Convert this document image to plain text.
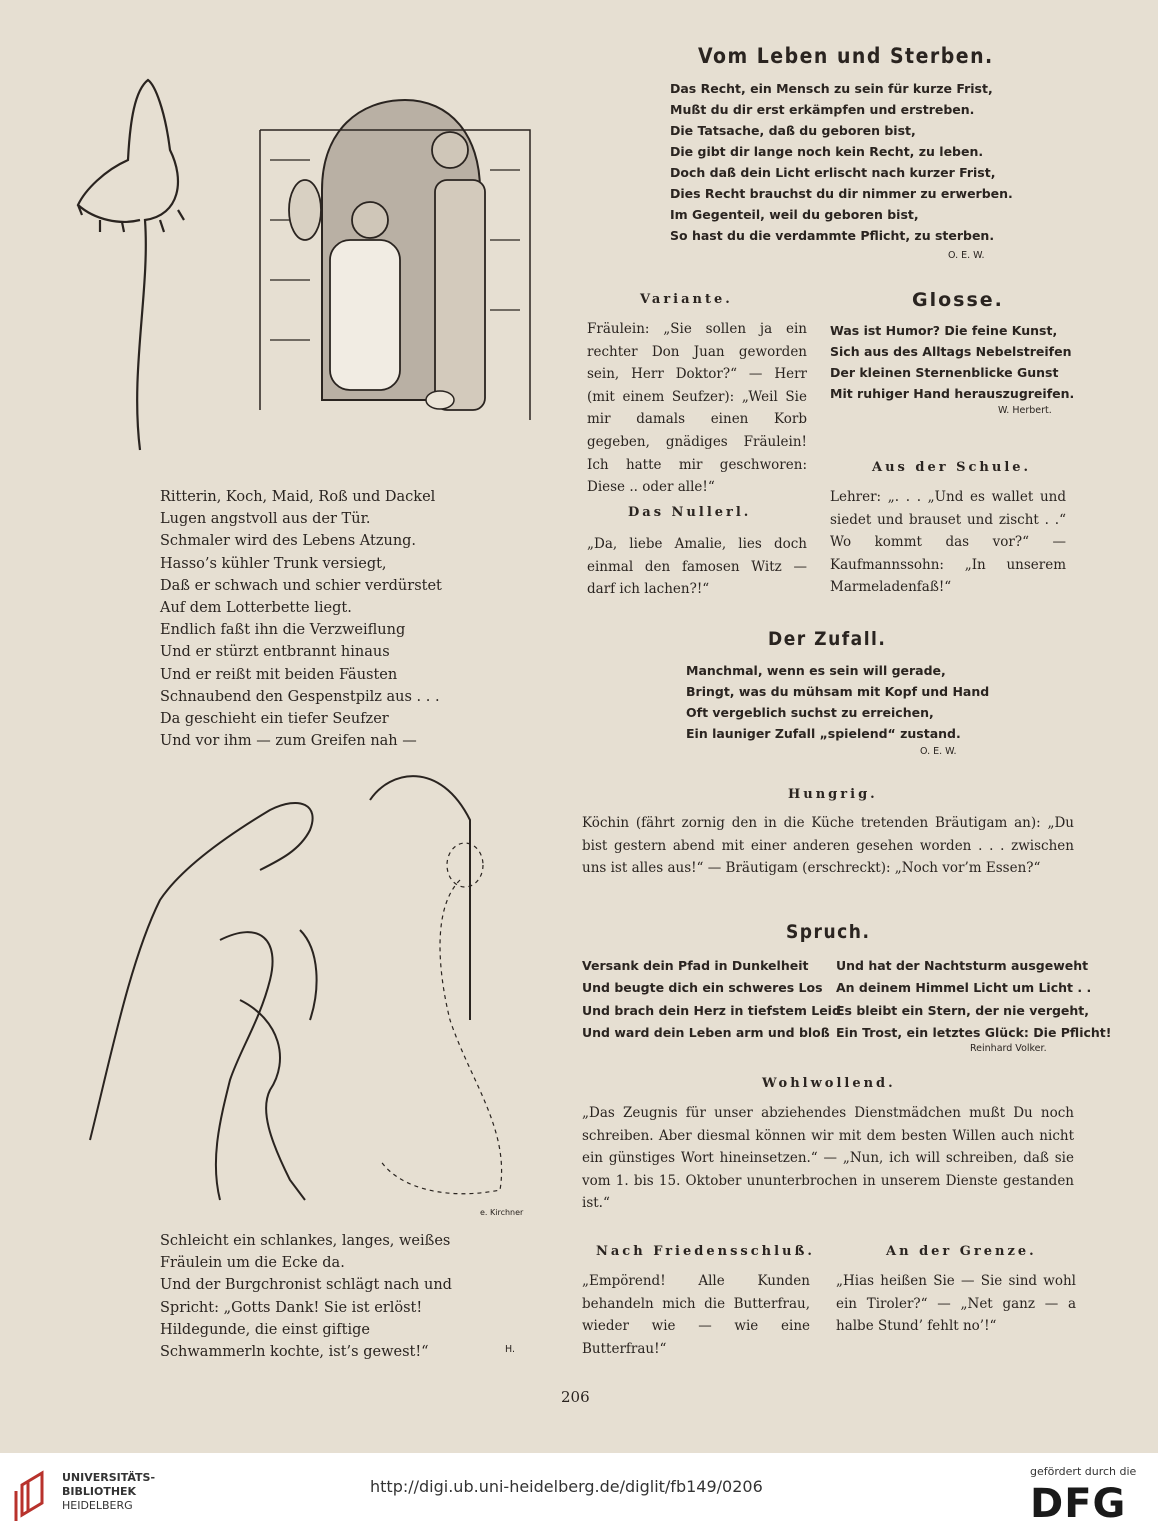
e. Kirchner
Vom Leben und Sterben.
Das Recht, ein Mensch zu sein für kurze Frist,
Mußt du dir erst erkämpfen und erstreben.
Die Tatsache, daß du geboren bist,
Die gibt dir lange noch kein Recht, zu leben.
Doch daß dein Licht erlischt nach kurzer Frist,
Dies Recht brauchst du dir nimmer zu erwerben.
Im Gegenteil, weil du geboren bist,
So hast du die verdammte Pflicht, zu sterben.
O. E. W.
Variante.

Fräulein: „Sie sollen ja ein rechter Don Juan geworden sein, Herr Doktor?“ — Herr (mit einem Seufzer): „Weil Sie mir damals einen Korb gegeben, gnädiges Fräulein! Ich hatte mir geschworen: Diese .. oder alle!“

Glosse.
Was ist Humor? Die feine Kunst,
Sich aus des Alltags Nebelstreifen
Der kleinen Sternenblicke Gunst
Mit ruhiger Hand herauszugreifen.
W. Herbert.
Aus der Schule.

Lehrer: „. . . „Und es wallet und siedet und brauset und zischt . .“ Wo kommt das vor?“ — Kaufmannssohn: „In unserem Marmeladenfaß!“

Das Nullerl.

„Da, liebe Amalie, lies doch einmal den famosen Witz — darf ich lachen?!“

Ritterin, Koch, Maid, Roß und Dackel
Lugen angstvoll aus der Tür.
Schmaler wird des Lebens Atzung.
Hasso’s kühler Trunk versiegt,
Daß er schwach und schier verdürstet
Auf dem Lotterbette liegt.
Endlich faßt ihn die Verzweiflung
Und er stürzt entbrannt hinaus
Und er reißt mit beiden Fäusten
Schnaubend den Gespenstpilz aus . . .
Da geschieht ein tiefer Seufzer
Und vor ihm — zum Greifen nah —
Der Zufall.
Manchmal, wenn es sein will gerade,
Bringt, was du mühsam mit Kopf und Hand
Oft vergeblich suchst zu erreichen,
Ein launiger Zufall „spielend“ zustand.
O. E. W.
Hungrig.

Köchin (fährt zornig den in die Küche tretenden Bräutigam an): „Du bist gestern abend mit einer anderen gesehen worden . . . zwischen uns ist alles aus!“ — Bräutigam (erschreckt): „Noch vor’m Essen?“

Spruch.
Versank dein Pfad in Dunkelheit
Und beugte dich ein schweres Los
Und brach dein Herz in tiefstem Leid
Und ward dein Leben arm und bloß
Und hat der Nachtsturm ausgeweht
An deinem Himmel Licht um Licht . .
Es bleibt ein Stern, der nie vergeht,
Ein Trost, ein letztes Glück: Die Pflicht!
Reinhard Volker.
Wohlwollend.

„Das Zeugnis für unser abziehendes Dienstmädchen mußt Du noch schreiben. Aber diesmal können wir mit dem besten Willen auch nicht ein günstiges Wort hineinsetzen.“ — „Nun, ich will schreiben, daß sie vom 1. bis 15. Oktober ununterbrochen in unserem Dienste gestanden ist.“

Schleicht ein schlankes, langes, weißes
Fräulein um die Ecke da.
Und der Burgchronist schlägt nach und
Spricht: „Gotts Dank! Sie ist erlöst!
Hildegunde, die einst giftige
Schwammerln kochte, ist’s gewest!“	H.
Nach Friedensschluß.

„Empörend! Alle Kunden behandeln mich die Butterfrau, wieder wie — wie eine Butterfrau!“

An der Grenze.

„Hias heißen Sie — Sie sind wohl ein Tiroler?“ — „Net ganz — a halbe Stund’ fehlt no’!“

206
UNIVERSITÄTS-
BIBLIOTHEK
HEIDELBERG
http://digi.ub.uni-heidelberg.de/diglit/fb149/0206
gefördert durch die
DFG
